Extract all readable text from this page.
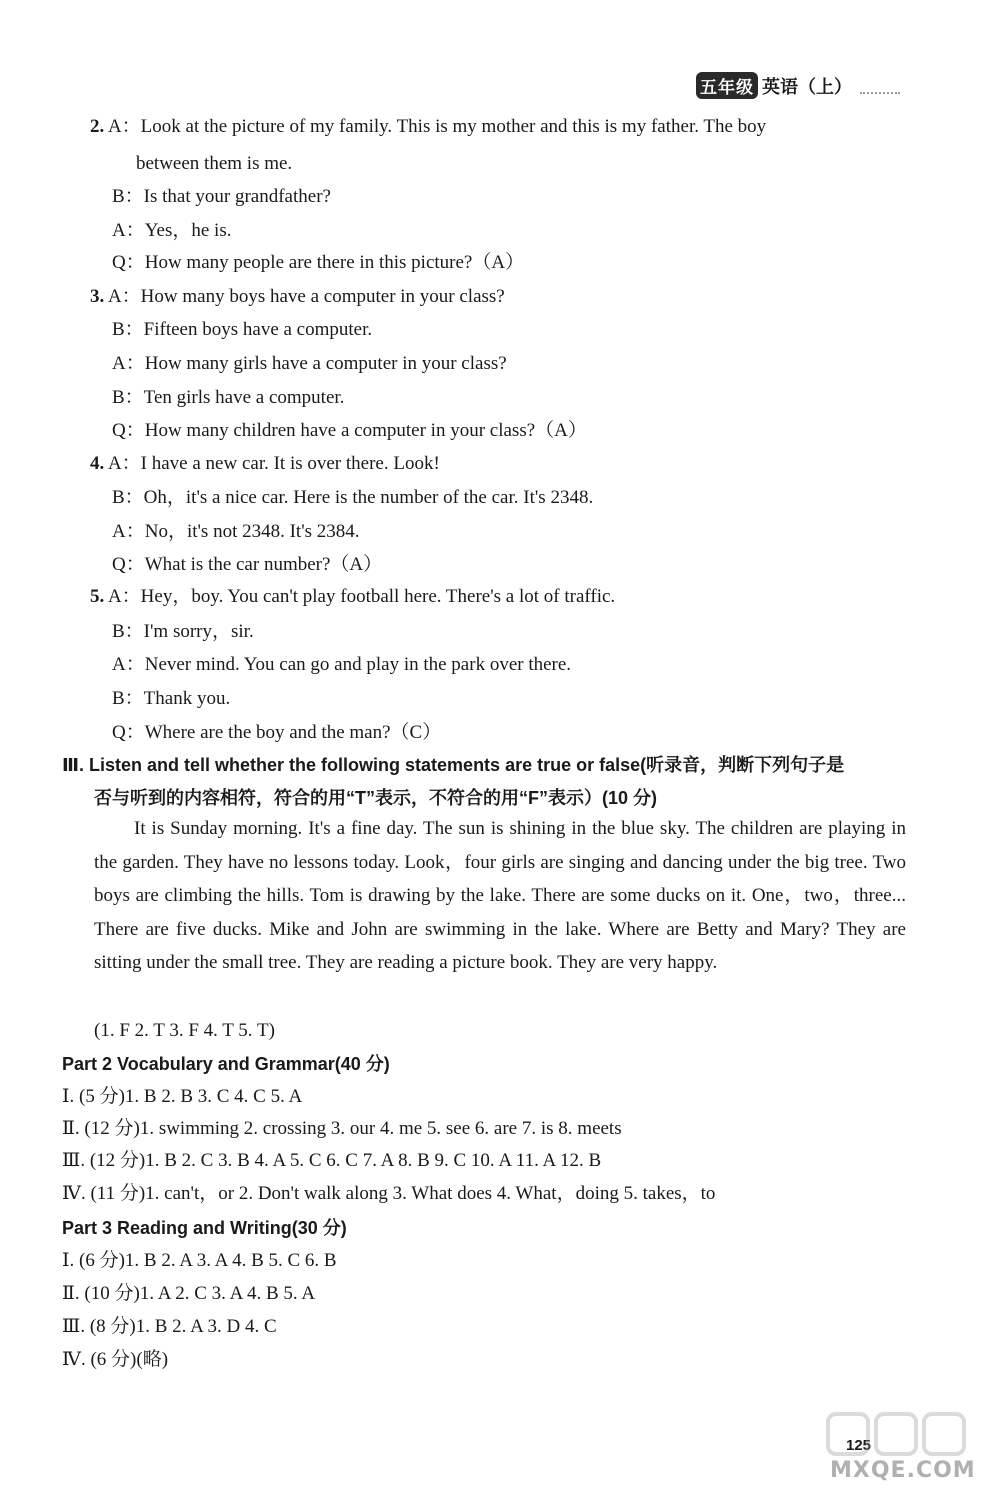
五年级 英语（上）
2. A：Look at the picture of my family. This is my mother and this is my father. The boy
between them is me.
B：Is that your grandfather?
A：Yes，he is.
Q：How many people are there in this picture?（A）
3. A：How many boys have a computer in your class?
B：Fifteen boys have a computer.
A：How many girls have a computer in your class?
B：Ten girls have a computer.
Q：How many children have a computer in your class?（A）
4. A：I have a new car. It is over there. Look!
B：Oh，it's a nice car. Here is the number of the car. It's 2348.
A：No，it's not 2348. It's 2384.
Q：What is the car number?（A）
5. A：Hey，boy. You can't play football here. There's a lot of traffic.
B：I'm sorry，sir.
A：Never mind. You can go and play in the park over there.
B：Thank you.
Q：Where are the boy and the man?（C）
Ⅲ. Listen and tell whether the following statements are true or false(听录音，判断下列句子是
否与听到的内容相符，符合的用“T”表示，不符合的用“F”表示）(10 分)
It is Sunday morning. It's a fine day. The sun is shining in the blue sky. The children are playing in the garden. They have no lessons today. Look，four girls are singing and dancing under the big tree. Two boys are climbing the hills. Tom is drawing by the lake. There are some ducks on it. One，two，three... There are five ducks. Mike and John are swimming in the lake. Where are Betty and Mary? They are sitting under the small tree. They are reading a picture book. They are very happy.
(1. F 2. T 3. F 4. T 5. T)
Part 2 Vocabulary and Grammar(40 分)
Ⅰ. (5 分)1. B 2. B 3. C 4. C 5. A
Ⅱ. (12 分)1. swimming 2. crossing 3. our 4. me 5. see 6. are 7. is 8. meets
Ⅲ. (12 分)1. B 2. C 3. B 4. A 5. C 6. C 7. A 8. B 9. C 10. A 11. A 12. B
Ⅳ. (11 分)1. can't，or 2. Don't walk along 3. What does 4. What，doing 5. takes，to
Part 3 Reading and Writing(30 分)
Ⅰ. (6 分)1. B 2. A 3. A 4. B 5. C 6. B
Ⅱ. (10 分)1. A 2. C 3. A 4. B 5. A
Ⅲ. (8 分)1. B 2. A 3. D 4. C
Ⅳ. (6 分)(略)
125
MXQE.COM
